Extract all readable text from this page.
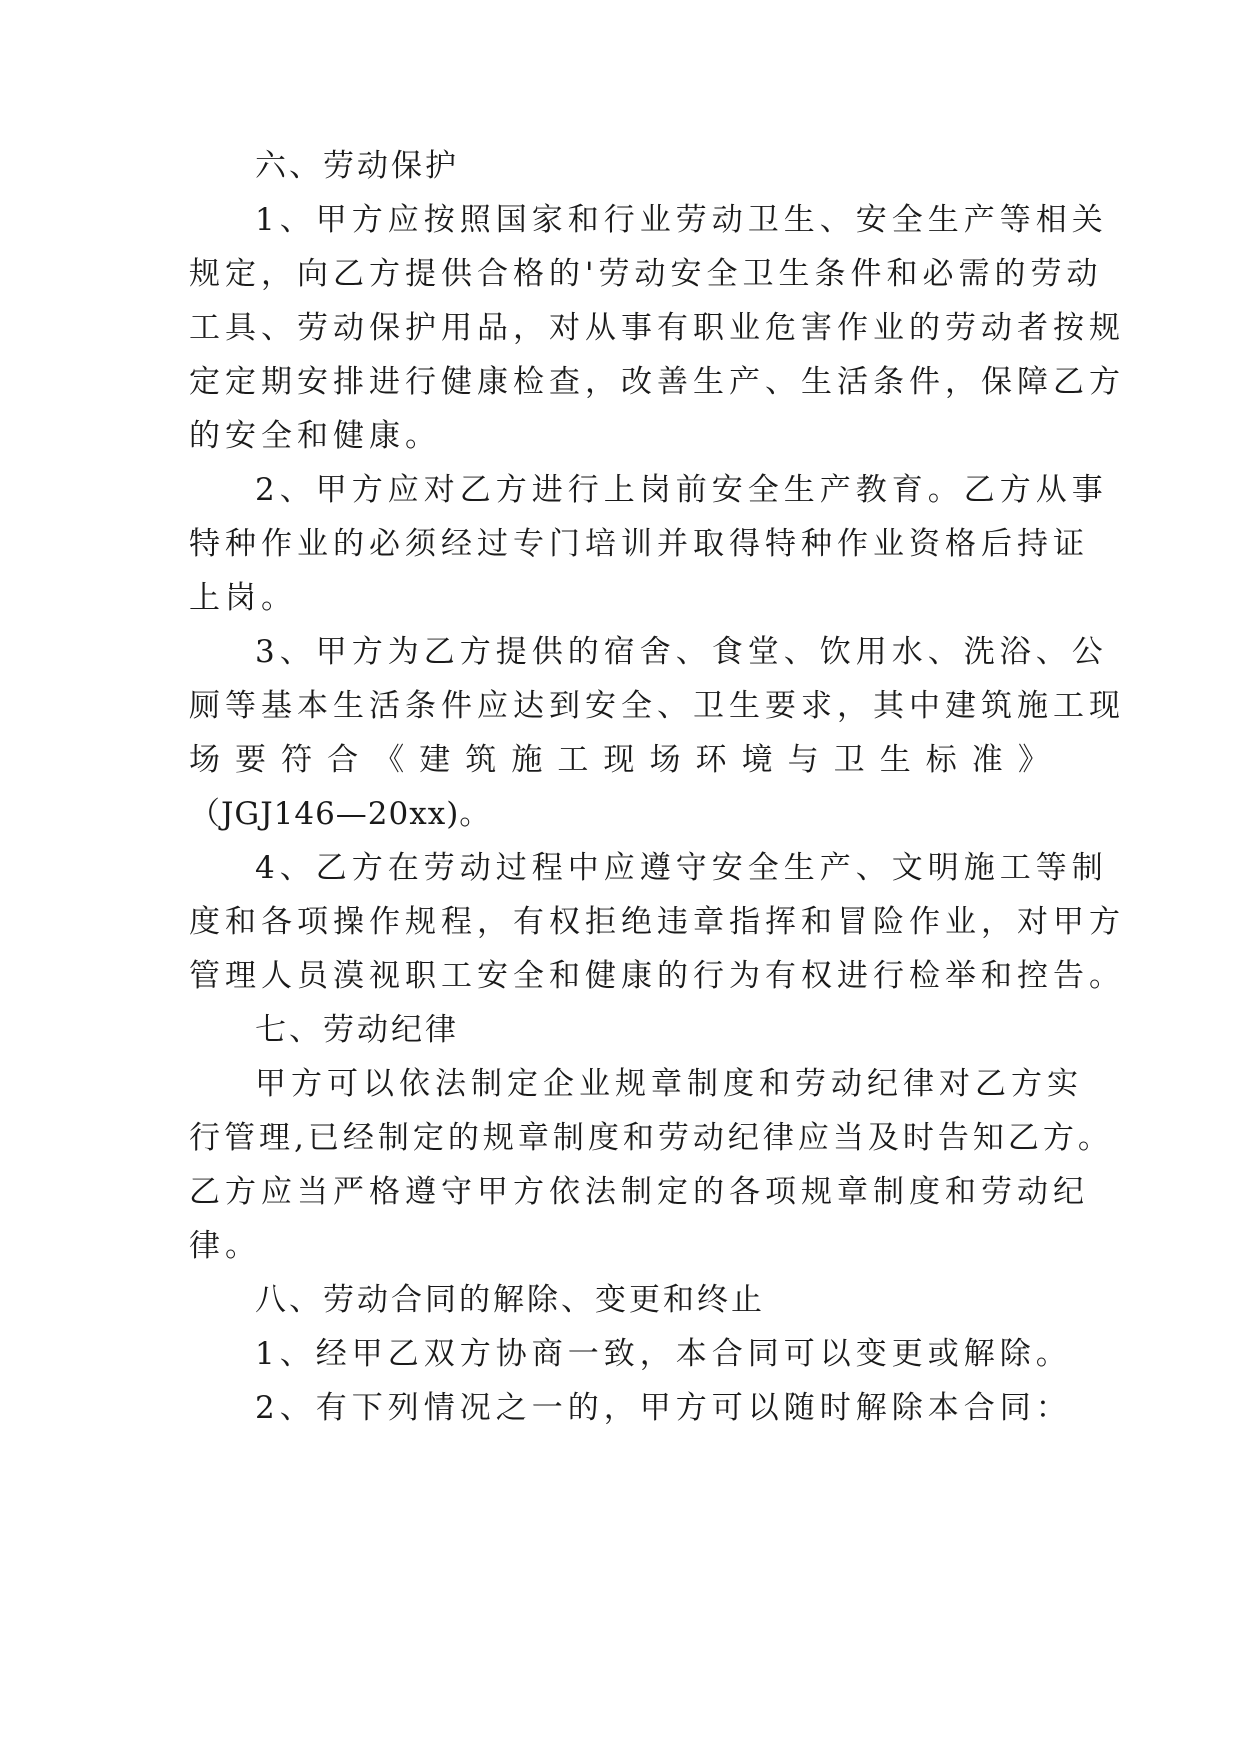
六、劳动保护
1、甲方应按照国家和行业劳动卫生、安全生产等相关
规定，向乙方提供合格的'劳动安全卫生条件和必需的劳动
工具、劳动保护用品，对从事有职业危害作业的劳动者按规
定定期安排进行健康检查，改善生产、生活条件，保障乙方
的安全和健康。
2、甲方应对乙方进行上岗前安全生产教育。乙方从事
特种作业的必须经过专门培训并取得特种作业资格后持证
上岗。
3、甲方为乙方提供的宿舍、食堂、饮用水、洗浴、公
厕等基本生活条件应达到安全、卫生要求，其中建筑施工现
场 要 符 合 《 建 筑 施 工 现 场 环 境 与 卫 生 标 准 》
（JGJ146—20xx)。
4、乙方在劳动过程中应遵守安全生产、文明施工等制
度和各项操作规程，有权拒绝违章指挥和冒险作业，对甲方
管理人员漠视职工安全和健康的行为有权进行检举和控告。
七、劳动纪律
甲方可以依法制定企业规章制度和劳动纪律对乙方实
行管理,已经制定的规章制度和劳动纪律应当及时告知乙方。
乙方应当严格遵守甲方依法制定的各项规章制度和劳动纪
律。
八、劳动合同的解除、变更和终止
1、经甲乙双方协商一致，本合同可以变更或解除。
2、有下列情况之一的，甲方可以随时解除本合同：
